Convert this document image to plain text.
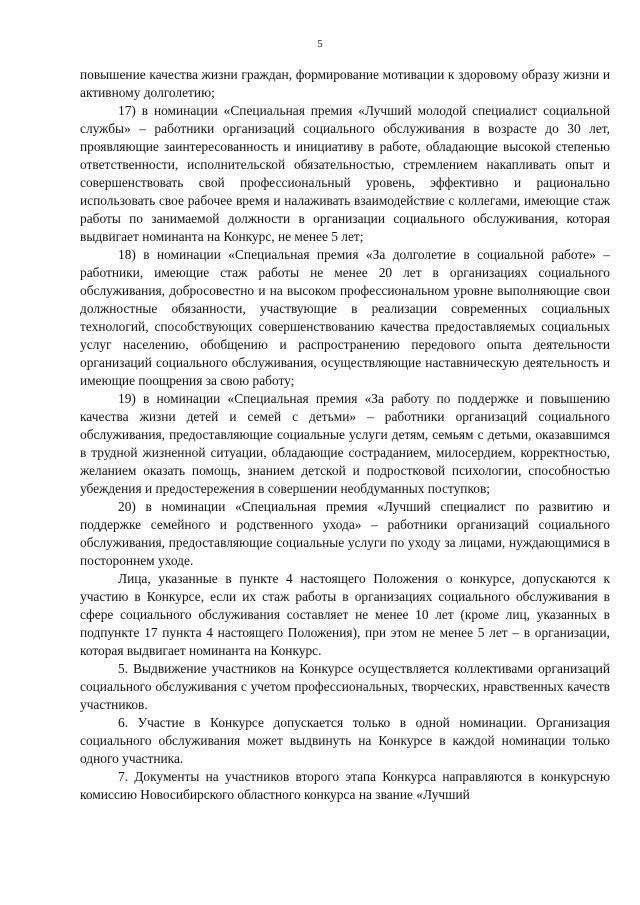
5

повышение качества жизни граждан, формирование мотивации к здоровому образу жизни и активному долголетию;

17) в номинации «Специальная премия «Лучший молодой специалист социальной службы» – работники организаций социального обслуживания в возрасте до 30 лет, проявляющие заинтересованность и инициативу в работе, обладающие высокой степенью ответственности, исполнительской обязательностью, стремлением накапливать опыт и совершенствовать свой профессиональный уровень, эффективно и рационально использовать свое рабочее время и налаживать взаимодействие с коллегами, имеющие стаж работы по занимаемой должности в организации социального обслуживания, которая выдвигает номинанта на Конкурс, не менее 5 лет;

18) в номинации «Специальная премия «За долголетие в социальной работе» – работники, имеющие стаж работы не менее 20 лет в организациях социального обслуживания, добросовестно и на высоком профессиональном уровне выполняющие свои должностные обязанности, участвующие в реализации современных социальных технологий, способствующих совершенствованию качества предоставляемых социальных услуг населению, обобщению и распространению передового опыта деятельности организаций социального обслуживания, осуществляющие наставническую деятельность и имеющие поощрения за свою работу;

19) в номинации «Специальная премия «За работу по поддержке и повышению качества жизни детей и семей с детьми» – работники организаций социального обслуживания, предоставляющие социальные услуги детям, семьям с детьми, оказавшимся в трудной жизненной ситуации, обладающие состраданием, милосердием, корректностью, желанием оказать помощь, знанием детской и подростковой психологии, способностью убеждения и предостережения в совершении необдуманных поступков;

20) в номинации «Специальная премия «Лучший специалист по развитию и поддержке семейного и родственного ухода» – работники организаций социального обслуживания, предоставляющие социальные услуги по уходу за лицами, нуждающимися в постороннем уходе.

Лица, указанные в пункте 4 настоящего Положения о конкурсе, допускаются к участию в Конкурсе, если их стаж работы в организациях социального обслуживания в сфере социального обслуживания составляет не менее 10 лет (кроме лиц, указанных в подпункте 17 пункта 4 настоящего Положения), при этом не менее 5 лет – в организации, которая выдвигает номинанта на Конкурс.

5. Выдвижение участников на Конкурсе осуществляется коллективами организаций социального обслуживания с учетом профессиональных, творческих, нравственных качеств участников.

6. Участие в Конкурсе допускается только в одной номинации. Организация социального обслуживания может выдвинуть на Конкурсе в каждой номинации только одного участника.

7. Документы на участников второго этапа Конкурса направляются в конкурсную комиссию Новосибирского областного конкурса на звание «Лучший
